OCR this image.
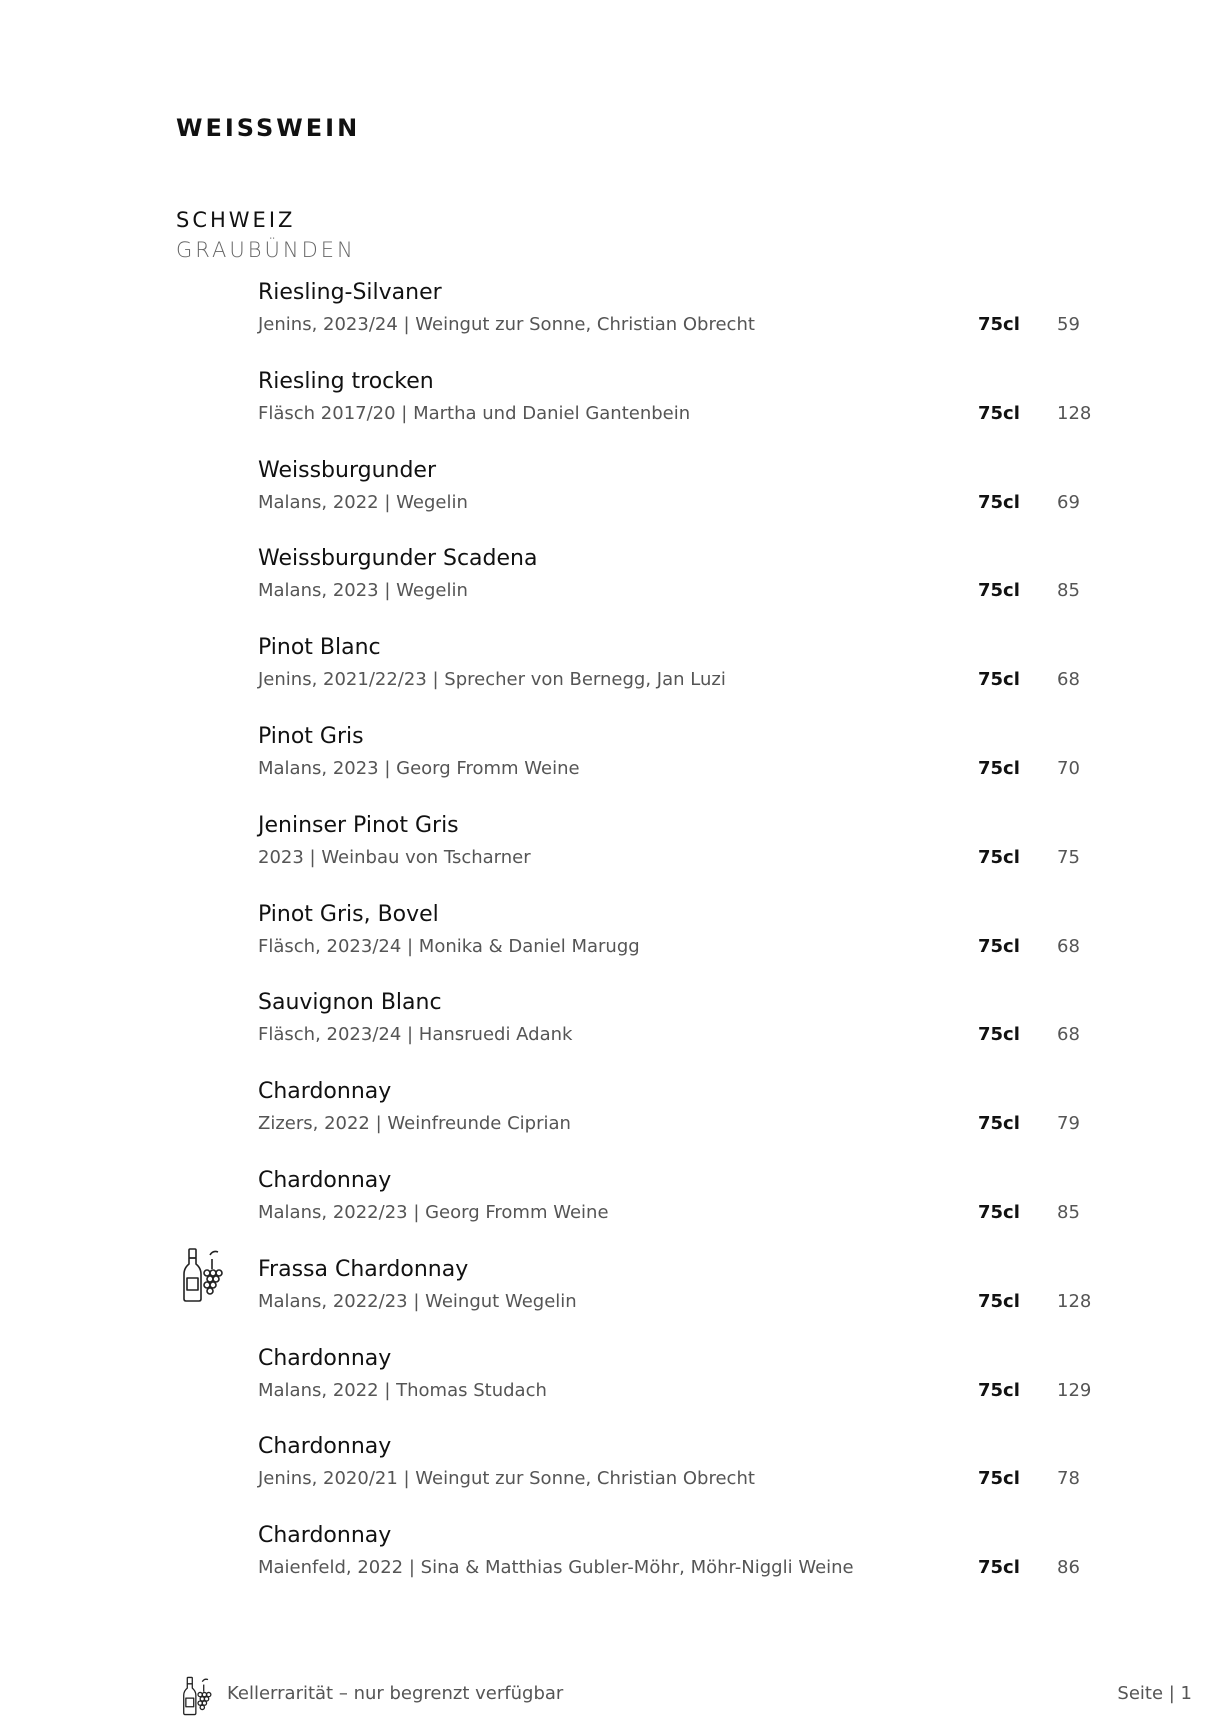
WEISSWEIN
SCHWEIZ
GRAUBÜNDEN
Riesling-Silvaner
Jenins, 2023/24 | Weingut zur Sonne, Christian Obrecht	75cl 59
Riesling trocken
Fläsch 2017/20 | Martha und Daniel Gantenbein	75cl 128
Weissburgunder
Malans, 2022 | Wegelin	75cl 69
Weissburgunder Scadena
Malans, 2023 | Wegelin	75cl 85
Pinot Blanc
Jenins, 2021/22/23 | Sprecher von Bernegg, Jan Luzi	75cl 68
Pinot Gris
Malans, 2023 | Georg Fromm Weine	75cl 70
Jeninser Pinot Gris
2023 | Weinbau von Tscharner	75cl 75
Pinot Gris, Bovel
Fläsch, 2023/24 | Monika & Daniel Marugg	75cl 68
Sauvignon Blanc
Fläsch, 2023/24 | Hansruedi Adank	75cl 68
Chardonnay
Zizers, 2022 | Weinfreunde Ciprian	75cl 79
Chardonnay
Malans, 2022/23 | Georg Fromm Weine	75cl 85
Frassa Chardonnay
Malans, 2022/23 | Weingut Wegelin	75cl 128
Chardonnay
Malans, 2022 | Thomas Studach	75cl 129
Chardonnay
Jenins, 2020/21 | Weingut zur Sonne, Christian Obrecht	75cl 78
Chardonnay
Maienfeld, 2022 | Sina & Matthias Gubler-Möhr, Möhr-Niggli Weine	75cl 86
Kellerrarität – nur begrenzt verfügbar	Seite | 1
